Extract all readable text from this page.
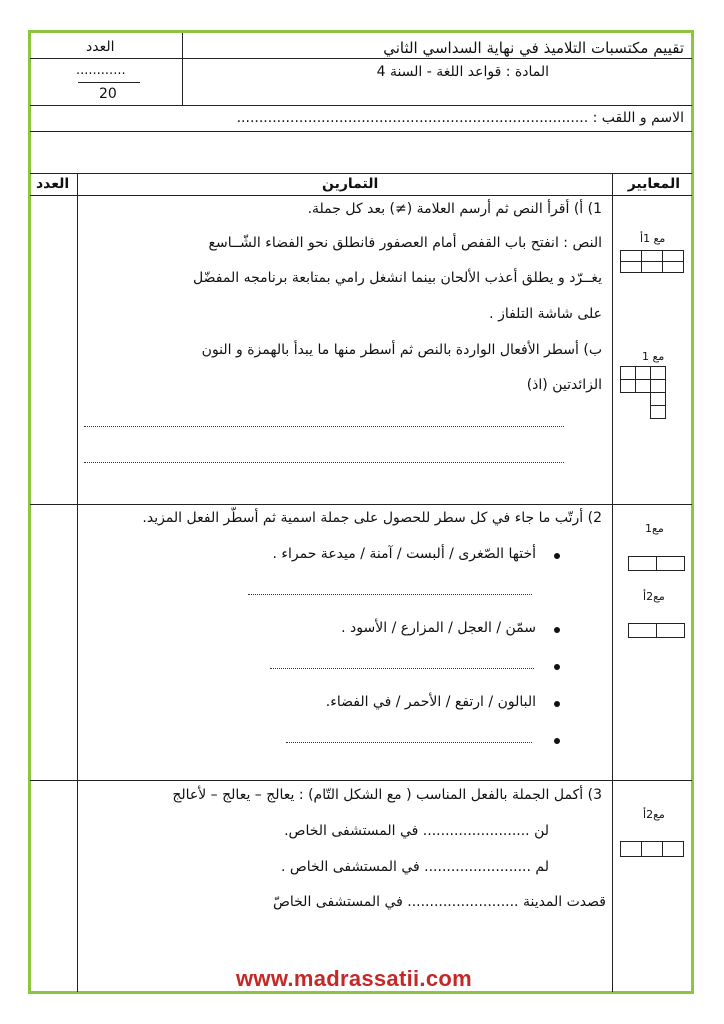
تقييم مكتسبات التلاميذ في نهاية السداسي الثاني
المادة : قواعد اللغة - السنة 4
العدد
............
20
الاسم و اللقب : ...............................................................................
المعايير
التمارين
العدد
1) أ) أقرأ النص ثم أرسم العلامة (≠) بعد كل جملة.
النص : انفتح باب القفص أمام العصفور فانطلق نحو الفضاء الشّــاسع
يغــرّد و يطلق أعذب الألحان بينما انشغل رامي بمتابعة برنامجه المفضّل
على شاشة التلفاز .
ب) أسطر الأفعال الواردة بالنص ثم أسطر منها ما يبدأ بالهمزة و النون
الزائدتين (اذ)
مع 1أ
مع 1
2) أرتّب ما جاء في كل سطر للحصول على جملة اسمية ثم أسطّر الفعل المزيد.
أختها الصّغرى / ألبست / آمنة / ميدعة حمراء .
سمّن / العجل / المزارع / الأسود .
البالون / ارتفع / الأحمر / في الفضاء.
مع1
مع2أ
3) أكمل الجملة بالفعل المناسب ( مع الشكل التّام) : يعالج – يعالج – لأعالج
لن ........................ في المستشفى الخاص.
لم ........................ في المستشفى الخاص .
قصدت المدينة ......................... في المستشفى الخاصّ
مع2أ
www.madrassatii.com
